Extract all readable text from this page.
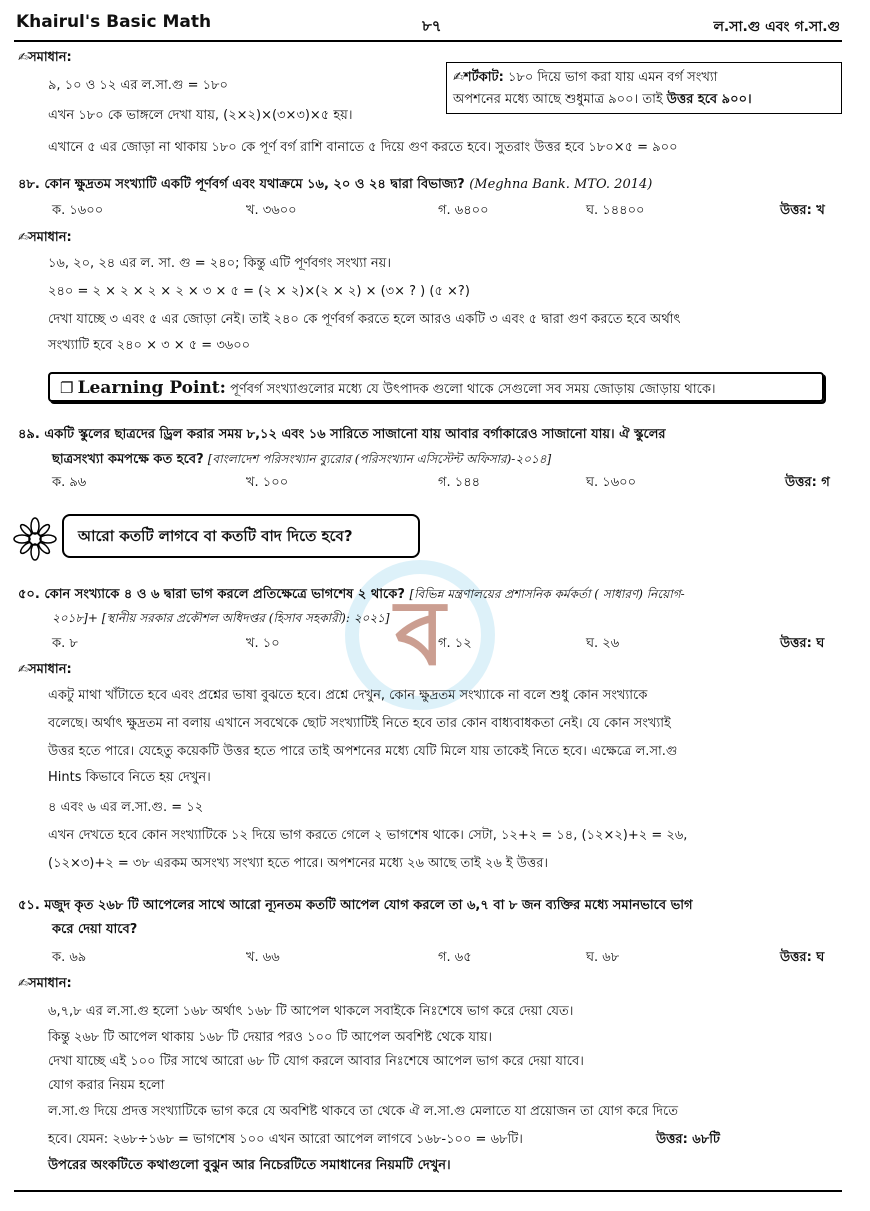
Khairul's Basic Math	৮৭	ল.সা.গু এবং গ.সা.গু
✍সমাধান:
৯, ১০ ও ১২ এর ল.সা.গু = ১৮০
এখন ১৮০ কে ভাঙ্গলে দেখা যায়, (২×২)×(৩×৩)×৫ হয়।
এখানে ৫ এর জোড়া না থাকায় ১৮০ কে পূর্ণ বর্গ রাশি বানাতে ৫ দিয়ে গুণ করতে হবে। সুতরাং উত্তর হবে ১৮০×৫ = ৯০০
✍শর্টকাট: ১৮০ দিয়ে ভাগ করা যায় এমন বর্গ সংখ্যা
অপশনের মধ্যে আছে শুধুমাত্র ৯০০। তাই উত্তর হবে ৯০০।
৪৮. কোন ক্ষুদ্রতম সংখ্যাটি একটি পূর্ণবর্গ এবং যথাক্রমে ১৬, ২০ ও ২৪ দ্বারা বিভাজ্য? (Meghna Bank. MTO. 2014)
ক. ১৬০০	খ. ৩৬০০	গ. ৬৪০০	ঘ. ১৪৪০০	উত্তর: খ
✍সমাধান:
১৬, ২০, ২৪ এর ল. সা. গু = ২৪০; কিন্তু এটি পূর্ণবগং সংখ্যা নয়।
২৪০ = ২ × ২ × ২ × ২ × ৩ × ৫ = (২ × ২)×(২ × ২) × (৩× ? ) (৫ ×?)
দেখা যাচ্ছে ৩ এবং ৫ এর জোড়া নেই। তাই ২৪০ কে পূর্ণবর্গ করতে হলে আরও একটি ৩ এবং ৫ দ্বারা গুণ করতে হবে অর্থাৎ
সংখ্যাটি হবে ২৪০ × ৩ × ৫ = ৩৬০০
❐ Learning Point: পূর্ণবর্গ সংখ্যাগুলোর মধ্যে যে উৎপাদক গুলো থাকে সেগুলো সব সময় জোড়ায় জোড়ায় থাকে।
৪৯. একটি স্কুলের ছাত্রদের ড্রিল করার সময় ৮,১২ এবং ১৬ সারিতে সাজানো যায় আবার বর্গাকারেও সাজানো যায়। ঐ স্কুলের
ছাত্রসংখ্যা কমপক্ষে কত হবে? [বাংলাদেশ পরিসংখ্যান ব্যুরোর (পরিসংখ্যান এসিস্টেন্ট অফিসার)-২০১৪]
ক. ৯৬	খ. ১০০	গ. ১৪৪	ঘ. ১৬০০	উত্তর: গ
আরো কতটি লাগবে বা কতটি বাদ দিতে হবে?
ব
৫০. কোন সংখ্যাকে ৪ ও ৬ দ্বারা ভাগ করলে প্রতিক্ষেত্রে ভাগশেষ ২ থাকে? [বিভিন্ন মন্ত্রণালয়ের প্রশাসনিক কর্মকর্তা ( সাধারণ) নিয়োগ-
২০১৮]+ [স্থানীয় সরকার প্রকৌশল অধিদপ্তর (হিসাব সহকারী): ২০২১]
ক. ৮	খ. ১০	গ. ১২	ঘ. ২৬	উত্তর: ঘ
✍সমাধান:
একটু মাথা খাঁটাতে হবে এবং প্রশ্নের ভাষা বুঝতে হবে। প্রশ্নে দেখুন, কোন ক্ষুদ্রতম সংখ্যাকে না বলে শুধু কোন সংখ্যাকে
বলেছে। অর্থাৎ ক্ষুদ্রতম না বলায় এখানে সবথেকে ছোট সংখ্যাটিই নিতে হবে তার কোন বাধ্যবাধকতা নেই। যে কোন সংখ্যাই
উত্তর হতে পারে। যেহেতু কয়েকটি উত্তর হতে পারে তাই অপশনের মধ্যে যেটি মিলে যায় তাকেই নিতে হবে। এক্ষেত্রে ল.সা.গু
Hints কিভাবে নিতে হয় দেখুন।
৪ এবং ৬ এর ল.সা.গু. = ১২
এখন দেখতে হবে কোন সংখ্যাটিকে ১২ দিয়ে ভাগ করতে গেলে ২ ভাগশেষ থাকে। সেটা, ১২+২ = ১৪, (১২×২)+২ = ২৬,
(১২×৩)+২ = ৩৮ এরকম অসংখ্য সংখ্যা হতে পারে। অপশনের মধ্যে ২৬ আছে তাই ২৬ ই উত্তর।
৫১. মজুদ কৃত ২৬৮ টি আপেলের সাথে আরো ন্যূনতম কতটি আপেল যোগ করলে তা ৬,৭ বা ৮ জন ব্যক্তির মধ্যে সমানভাবে ভাগ
করে দেয়া যাবে?
ক. ৬৯	খ. ৬৬	গ. ৬৫	ঘ. ৬৮	উত্তর: ঘ
✍সমাধান:
৬,৭,৮ এর ল.সা.গু হলো ১৬৮ অর্থাৎ ১৬৮ টি আপেল থাকলে সবাইকে নিঃশেষে ভাগ করে দেয়া যেত।
কিন্তু ২৬৮ টি আপেল থাকায় ১৬৮ টি দেয়ার পরও ১০০ টি আপেল অবশিষ্ট থেকে যায়।
দেখা যাচ্ছে এই ১০০ টির সাথে আরো ৬৮ টি যোগ করলে আবার নিঃশেষে আপেল ভাগ করে দেয়া যাবে।
যোগ করার নিয়ম হলো
ল.সা.গু দিয়ে প্রদত্ত সংখ্যাটিকে ভাগ করে যে অবশিষ্ট থাকবে তা থেকে ঐ ল.সা.গু মেলাতে যা প্রয়োজন তা যোগ করে দিতে
হবে। যেমন: ২৬৮÷১৬৮ = ভাগশেষ ১০০ এখন আরো আপেল লাগবে ১৬৮-১০০ = ৬৮টি।	উত্তর: ৬৮টি
উপরের অংকটিতে কথাগুলো বুঝুন আর নিচেরটিতে সমাধানের নিয়মটি দেখুন।
